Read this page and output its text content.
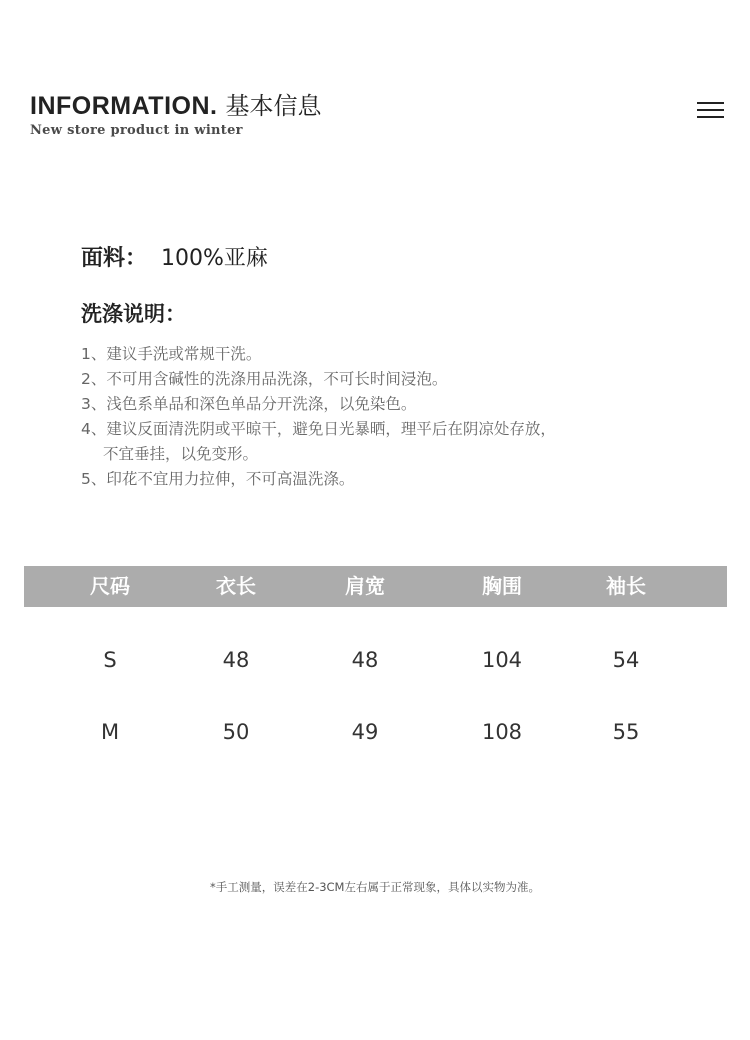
INFORMATION. 基本信息
New store product in winter
面料： 100%亚麻
洗涤说明：
1、建议手洗或常规干洗。
2、不可用含碱性的洗涤用品洗涤，不可长时间浸泡。
3、浅色系单品和深色单品分开洗涤，以免染色。
4、建议反面清洗阴或平晾干，避免日光暴晒，理平后在阴凉处存放，
不宜垂挂，以免变形。
5、印花不宜用力拉伸，不可高温洗涤。
尺码	衣长	肩宽	胸围	袖长
S	48	48	104	54
M	50	49	108	55
*手工测量，误差在2-3CM左右属于正常现象，具体以实物为准。
